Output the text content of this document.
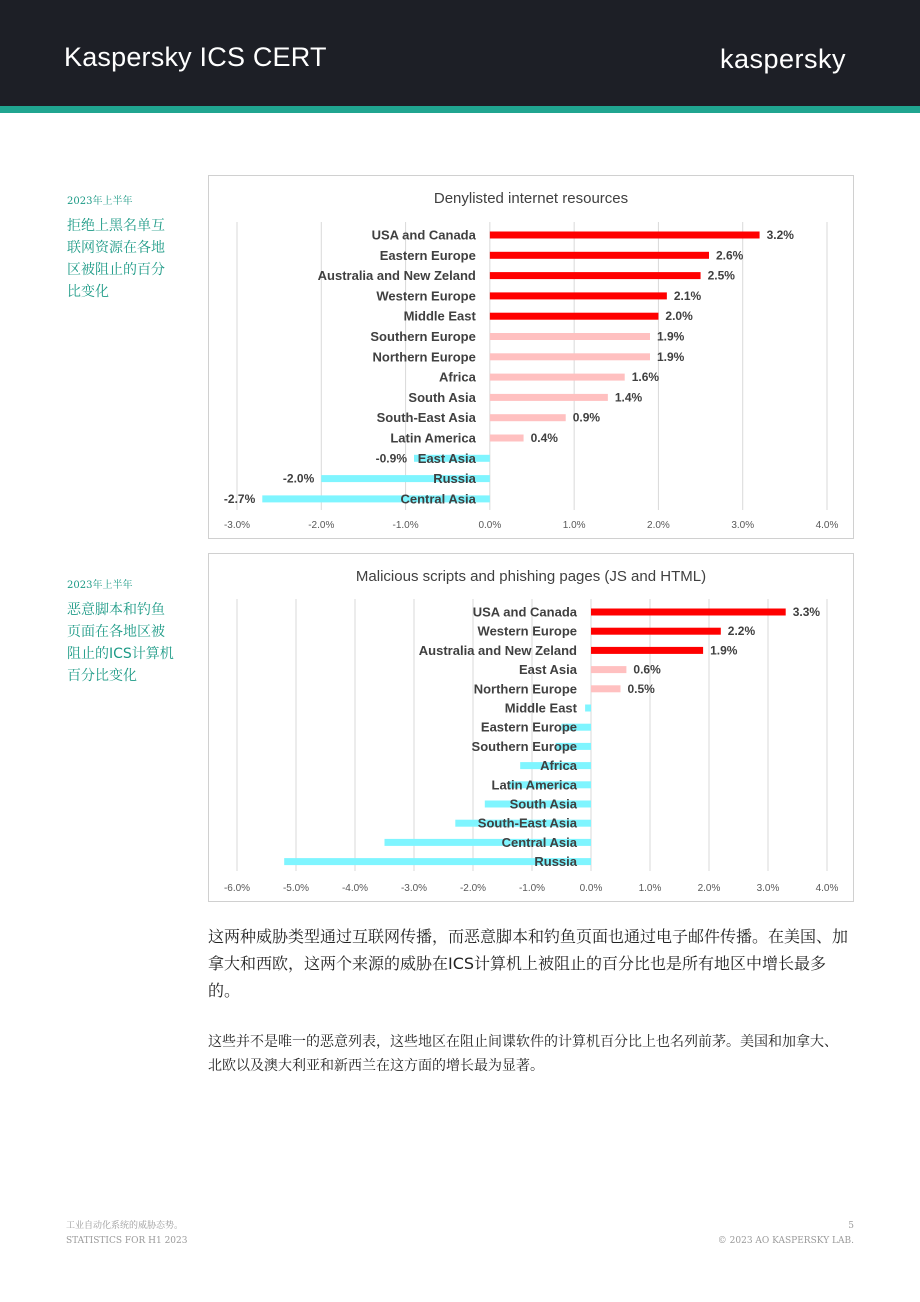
Kaspersky ICS CERT	kaspersky
2023年上半年
拒绝上黑名单互联网资源在各地区被阻止的百分比变化
2023年上半年
恶意脚本和钓鱼页面在各地区被阻止的ICS计算机百分比变化
Denylisted internet resources
-3.0%	-2.0%	-1.0%	0.0%	1.0%	2.0%	3.0%	4.0%
USA and Canada	3.2%
Eastern Europe	2.6%
Australia and New Zeland	2.5%
Western Europe	2.1%
Middle East	2.0%
Southern Europe	1.9%
Northern Europe	1.9%
Africa	1.6%
South Asia	1.4%
South-East Asia	0.9%
Latin America	0.4%
East Asia
-0.9%
Russia
-2.0%
Central Asia
-2.7%
Malicious scripts and phishing pages (JS and HTML)
-6.0%	-5.0%	-4.0%	-3.0%	-2.0%	-1.0%	0.0%	1.0%	2.0%	3.0%	4.0%
USA and Canada	3.3%
Western Europe	2.2%
Australia and New Zeland	1.9%
East Asia	0.6%
Northern Europe	0.5%
Middle East
Eastern Europe
Southern Europe
Africa
Latin America
South Asia
South-East Asia
Central Asia
Russia
这两种威胁类型通过互联网传播，而恶意脚本和钓鱼页面也通过电子邮件传播。在美国、加拿大和西欧，这两个来源的威胁在ICS计算机上被阻止的百分比也是所有地区中增长最多的。
这些并不是唯一的恶意列表，这些地区在阻止间谍软件的计算机百分比上也名列前茅。美国和加拿大、北欧以及澳大利亚和新西兰在这方面的增长最为显著。
工业自动化系统的威胁态势。
STATISTICS FOR H1 2023
5
© 2023 AO KASPERSKY LAB.
